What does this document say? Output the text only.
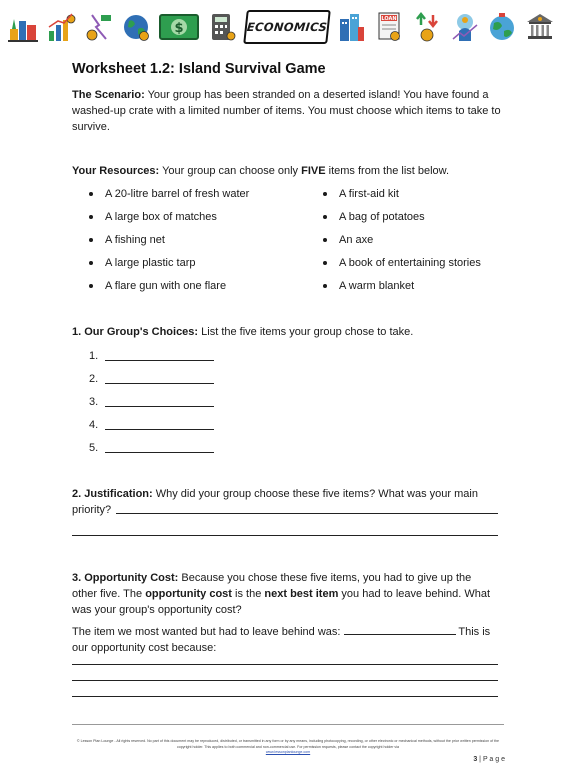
$	ECONOMICS
LOAN
Worksheet 1.2: Island Survival Game

The Scenario: Your group has been stranded on a deserted island! You have found a washed-up crate with a limited number of items. You must choose which items to take to survive.

Your Resources: Your group can choose only FIVE items from the list below.

A 20-litre barrel of fresh water
A large box of matches
A fishing net
A large plastic tarp
A flare gun with one flare
A first-aid kit
A bag of potatoes
An axe
A book of entertaining stories
A warm blanket

1. Our Group's Choices: List the five items your group chose to take.

1.
2.
3.
4.
5.

2. Justification: Why did your group choose these five items? What was your main
priority?

3. Opportunity Cost: Because you chose these five items, you had to give up the other five. The opportunity cost is the next best item you had to leave behind. What was your group's opportunity cost?

The item we most wanted but had to leave behind was:	This is our opportunity cost because:

© Lesson Plan Lounge - All rights reserved. No part of this document may be reproduced, distributed, or transmitted in any form or by any means, including photocopying, recording, or other electronic or mechanical methods, without the prior written permission of the copyright holder. This applies to both commercial and non-commercial use. For permission requests, please contact the copyright holder via
www.lessonplanlounge.com
3 | P a g e
